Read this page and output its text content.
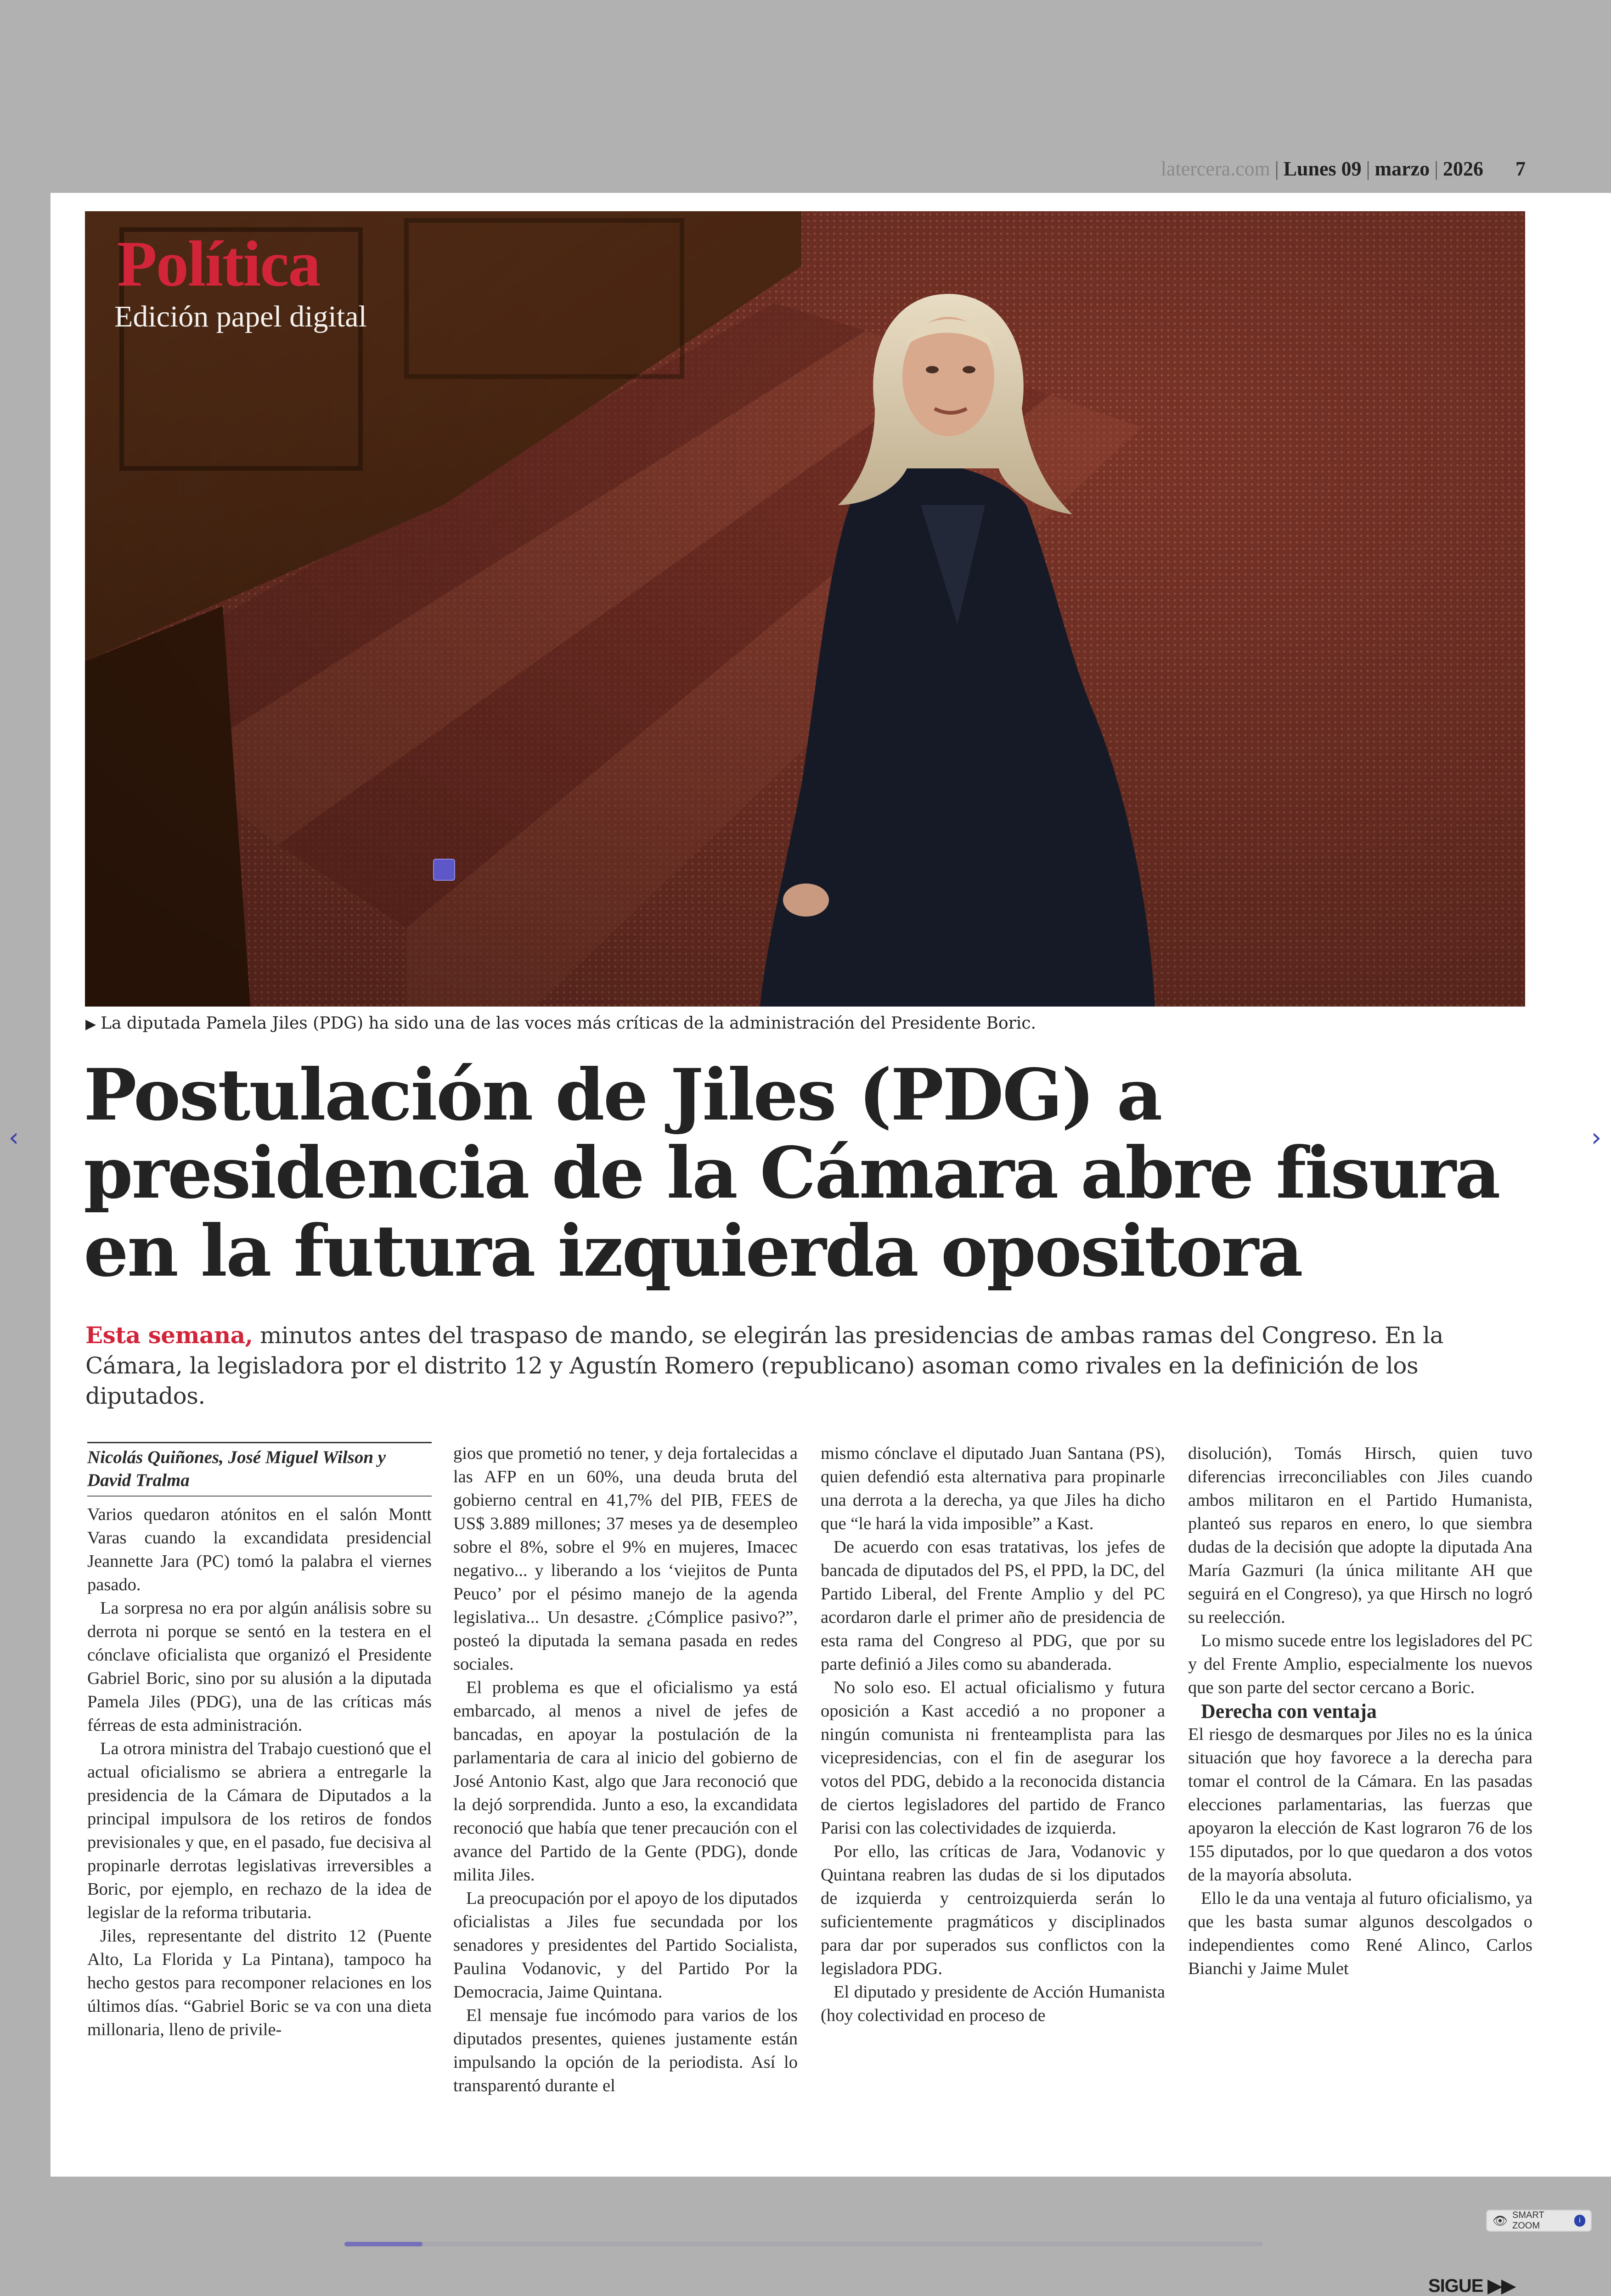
latercera.com | Lunes 09 | marzo | 2026 7
Política
Edición papel digital
▶ La diputada Pamela Jiles (PDG) ha sido una de las voces más críticas de la administración del Presidente Boric.
Postulación de Jiles (PDG) a presidencia de la Cámara abre fisura en la futura izquierda opositora
Esta semana, minutos antes del traspaso de mando, se elegirán las presidencias de ambas ramas del Congreso. En la Cámara, la legisladora por el distrito 12 y Agustín Romero (republicano) asoman como rivales en la definición de los diputados.
Nicolás Quiñones, José Miguel Wilson y David Tralma

Varios quedaron atónitos en el salón Montt Varas cuando la excandidata presidencial Jeannette Jara (PC) tomó la palabra el viernes pasado.

La sorpresa no era por algún análisis sobre su derrota ni porque se sentó en la testera en el cónclave oficialista que organizó el Presidente Gabriel Boric, sino por su alusión a la diputada Pamela Jiles (PDG), una de las críticas más férreas de esta administración.

La otrora ministra del Trabajo cuestionó que el actual oficialismo se abriera a entregarle la presidencia de la Cámara de Diputados a la principal impulsora de los retiros de fondos previsionales y que, en el pasado, fue decisiva al propinarle derrotas legislativas irreversibles a Boric, por ejemplo, en rechazo de la idea de legislar de la reforma tributaria.

Jiles, representante del distrito 12 (Puente Alto, La Florida y La Pintana), tampoco ha hecho gestos para recomponer relaciones en los últimos días. “Gabriel Boric se va con una dieta millonaria, lleno de privile-

gios que prometió no tener, y deja fortalecidas a las AFP en un 60%, una deuda bruta del gobierno central en 41,7% del PIB, FEES de US$ 3.889 millones; 37 meses ya de desempleo sobre el 8%, sobre el 9% en mujeres, Imacec negativo... y liberando a los ‘viejitos de Punta Peuco’ por el pésimo manejo de la agenda legislativa... Un desastre. ¿Cómplice pasivo?”, posteó la diputada la semana pasada en redes sociales.

El problema es que el oficialismo ya está embarcado, al menos a nivel de jefes de bancadas, en apoyar la postulación de la parlamentaria de cara al inicio del gobierno de José Antonio Kast, algo que Jara reconoció que la dejó sorprendida. Junto a eso, la excandidata reconoció que había que tener precaución con el avance del Partido de la Gente (PDG), donde milita Jiles.

La preocupación por el apoyo de los diputados oficialistas a Jiles fue secundada por los senadores y presidentes del Partido Socialista, Paulina Vodanovic, y del Partido Por la Democracia, Jaime Quintana.

El mensaje fue incómodo para varios de los diputados presentes, quienes justamente están impulsando la opción de la periodista. Así lo transparentó durante el

mismo cónclave el diputado Juan Santana (PS), quien defendió esta alternativa para propinarle una derrota a la derecha, ya que Jiles ha dicho que “le hará la vida imposible” a Kast.

De acuerdo con esas tratativas, los jefes de bancada de diputados del PS, el PPD, la DC, del Partido Liberal, del Frente Amplio y del PC acordaron darle el primer año de presidencia de esta rama del Congreso al PDG, que por su parte definió a Jiles como su abanderada.

No solo eso. El actual oficialismo y futura oposición a Kast accedió a no proponer a ningún comunista ni frenteamplista para las vicepresidencias, con el fin de asegurar los votos del PDG, debido a la reconocida distancia de ciertos legisladores del partido de Franco Parisi con las colectividades de izquierda.

Por ello, las críticas de Jara, Vodanovic y Quintana reabren las dudas de si los diputados de izquierda y centroizquierda serán lo suficientemente pragmáticos y disciplinados para dar por superados sus conflictos con la legisladora PDG.

El diputado y presidente de Acción Humanista (hoy colectividad en proceso de

disolución), Tomás Hirsch, quien tuvo diferencias irreconciliables con Jiles cuando ambos militaron en el Partido Humanista, planteó sus reparos en enero, lo que siembra dudas de la decisión que adopte la diputada Ana María Gazmuri (la única militante AH que seguirá en el Congreso), ya que Hirsch no logró su reelección.

Lo mismo sucede entre los legisladores del PC y del Frente Amplio, especialmente los nuevos que son parte del sector cercano a Boric.

Derecha con ventaja

El riesgo de desmarques por Jiles no es la única situación que hoy favorece a la derecha para tomar el control de la Cámara. En las pasadas elecciones parlamentarias, las fuerzas que apoyaron la elección de Kast lograron 76 de los 155 diputados, por lo que quedaron a dos votos de la mayoría absoluta.

Ello le da una ventaja al futuro oficialismo, ya que les basta sumar algunos descolgados o independientes como René Alinco, Carlos Bianchi y Jaime Mulet

SIGUE ▶▶
‹	›
👁 SMART ZOOM
i
